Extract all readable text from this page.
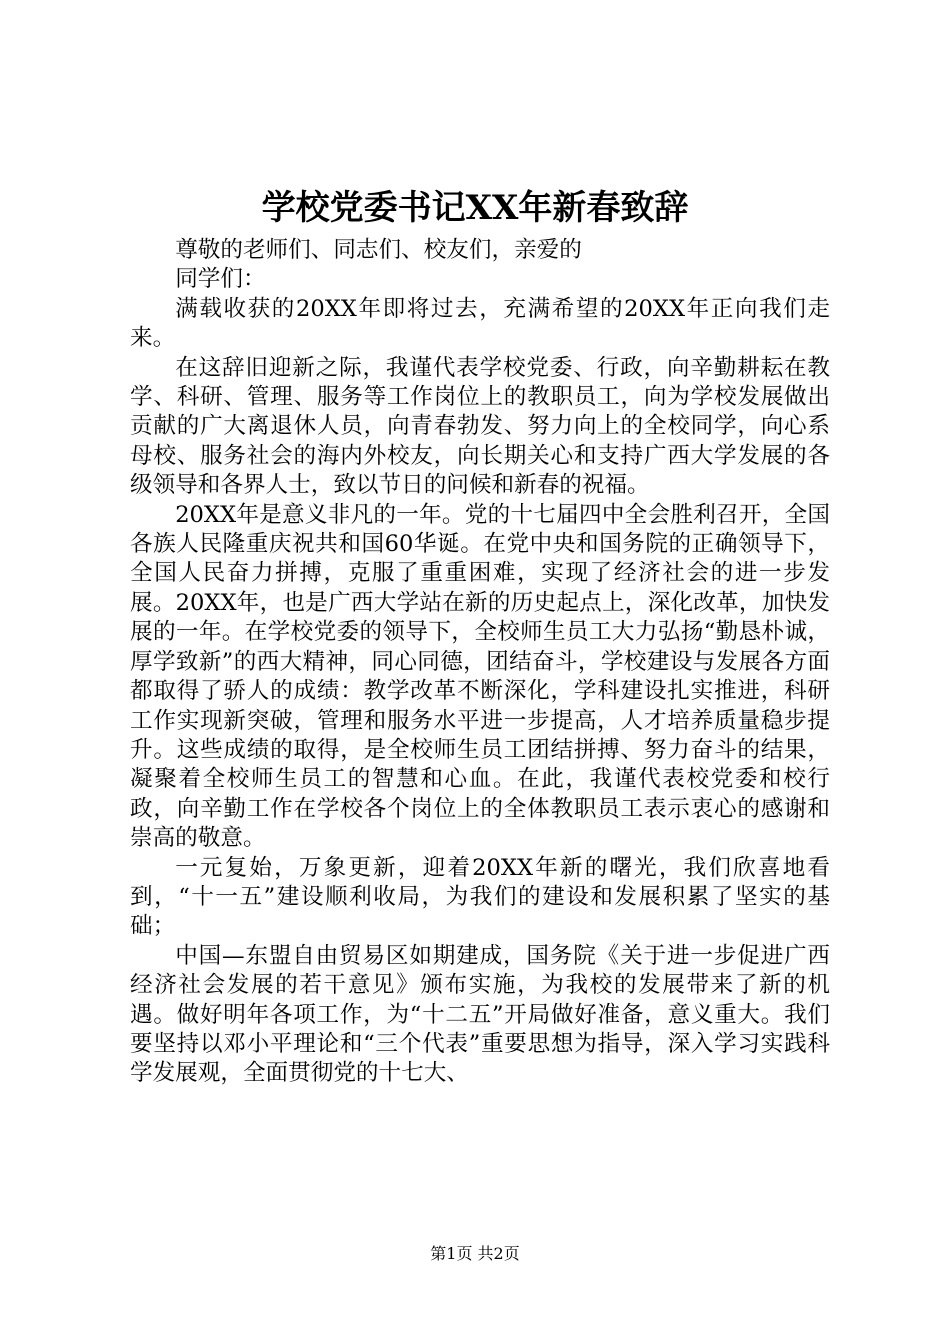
学校党委书记XX年新春致辞

尊敬的老师们、同志们、校友们，亲爱的

同学们：

满载收获的20XX年即将过去，充满希望的20XX年正向我们走来。

在这辞旧迎新之际，我谨代表学校党委、行政，向辛勤耕耘在教学、科研、管理、服务等工作岗位上的教职员工，向为学校发展做出贡献的广大离退休人员，向青春勃发、努力向上的全校同学，向心系母校、服务社会的海内外校友，向长期关心和支持广西大学发展的各级领导和各界人士，致以节日的问候和新春的祝福。

20XX年是意义非凡的一年。党的十七届四中全会胜利召开，全国各族人民隆重庆祝共和国60华诞。在党中央和国务院的正确领导下，全国人民奋力拼搏，克服了重重困难，实现了经济社会的进一步发展。20XX年，也是广西大学站在新的历史起点上，深化改革，加快发展的一年。在学校党委的领导下，全校师生员工大力弘扬“勤恳朴诚，厚学致新”的西大精神，同心同德，团结奋斗，学校建设与发展各方面都取得了骄人的成绩：教学改革不断深化，学科建设扎实推进，科研工作实现新突破，管理和服务水平进一步提高，人才培养质量稳步提升。这些成绩的取得，是全校师生员工团结拼搏、努力奋斗的结果，凝聚着全校师生员工的智慧和心血。在此，我谨代表校党委和校行政，向辛勤工作在学校各个岗位上的全体教职员工表示衷心的感谢和崇高的敬意。

一元复始，万象更新，迎着20XX年新的曙光，我们欣喜地看到，“十一五”建设顺利收局，为我们的建设和发展积累了坚实的基础；

中国—东盟自由贸易区如期建成，国务院《关于进一步促进广西经济社会发展的若干意见》颁布实施，为我校的发展带来了新的机遇。做好明年各项工作，为“十二五”开局做好准备，意义重大。我们要坚持以邓小平理论和“三个代表”重要思想为指导，深入学习实践科学发展观，全面贯彻党的十七大、

第1页 共2页
